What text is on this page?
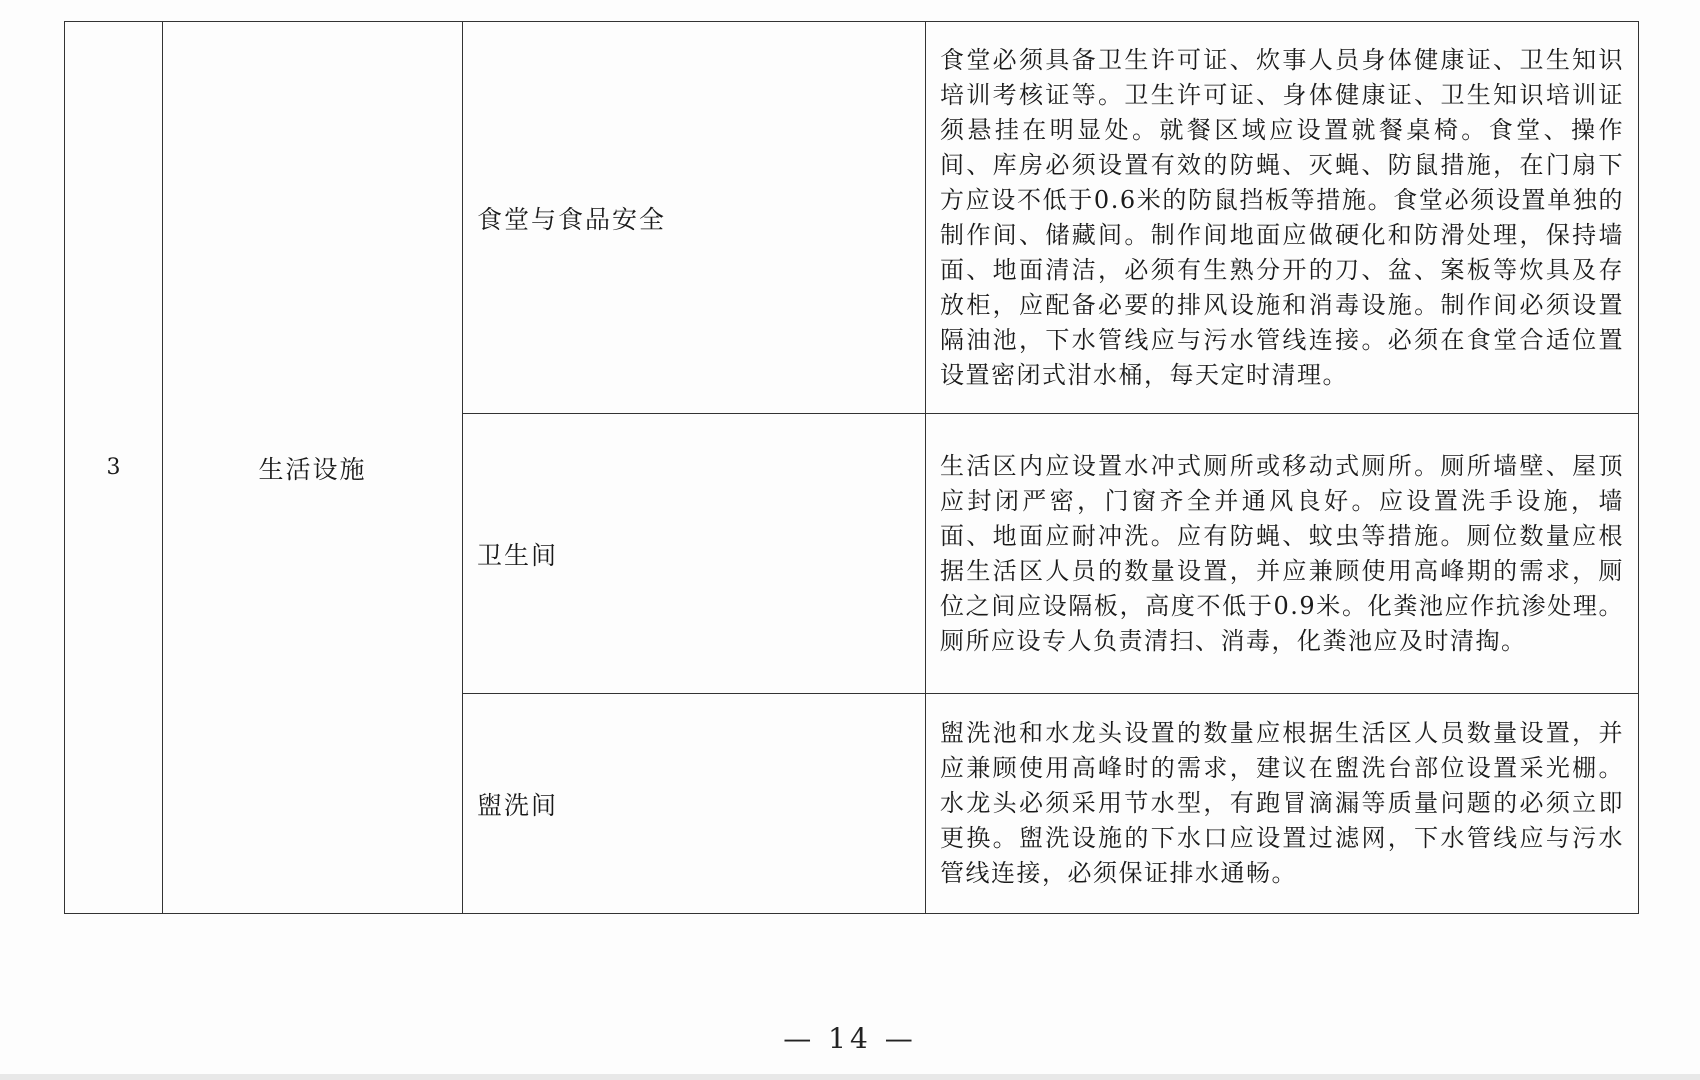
3	生活设施	食堂与食品安全	食堂必须具备卫生许可证、炊事人员身体健康证、卫生知识培训考核证等。卫生许可证、身体健康证、卫生知识培训证须悬挂在明显处。就餐区域应设置就餐桌椅。食堂、操作间、库房必须设置有效的防蝇、灭蝇、防鼠措施，在门扇下方应设不低于0.6米的防鼠挡板等措施。食堂必须设置单独的制作间、储藏间。制作间地面应做硬化和防滑处理，保持墙面、地面清洁，必须有生熟分开的刀、盆、案板等炊具及存放柜，应配备必要的排风设施和消毒设施。制作间必须设置隔油池，下水管线应与污水管线连接。必须在食堂合适位置设置密闭式泔水桶，每天定时清理。
		卫生间	生活区内应设置水冲式厕所或移动式厕所。厕所墙壁、屋顶应封闭严密，门窗齐全并通风良好。应设置洗手设施，墙面、地面应耐冲洗。应有防蝇、蚊虫等措施。厕位数量应根据生活区人员的数量设置，并应兼顾使用高峰期的需求，厕位之间应设隔板，高度不低于0.9米。化粪池应作抗渗处理。厕所应设专人负责清扫、消毒，化粪池应及时清掏。
		盥洗间	盥洗池和水龙头设置的数量应根据生活区人员数量设置，并应兼顾使用高峰时的需求，建议在盥洗台部位设置采光棚。水龙头必须采用节水型，有跑冒滴漏等质量问题的必须立即更换。盥洗设施的下水口应设置过滤网，下水管线应与污水管线连接，必须保证排水通畅。
— 14 —
